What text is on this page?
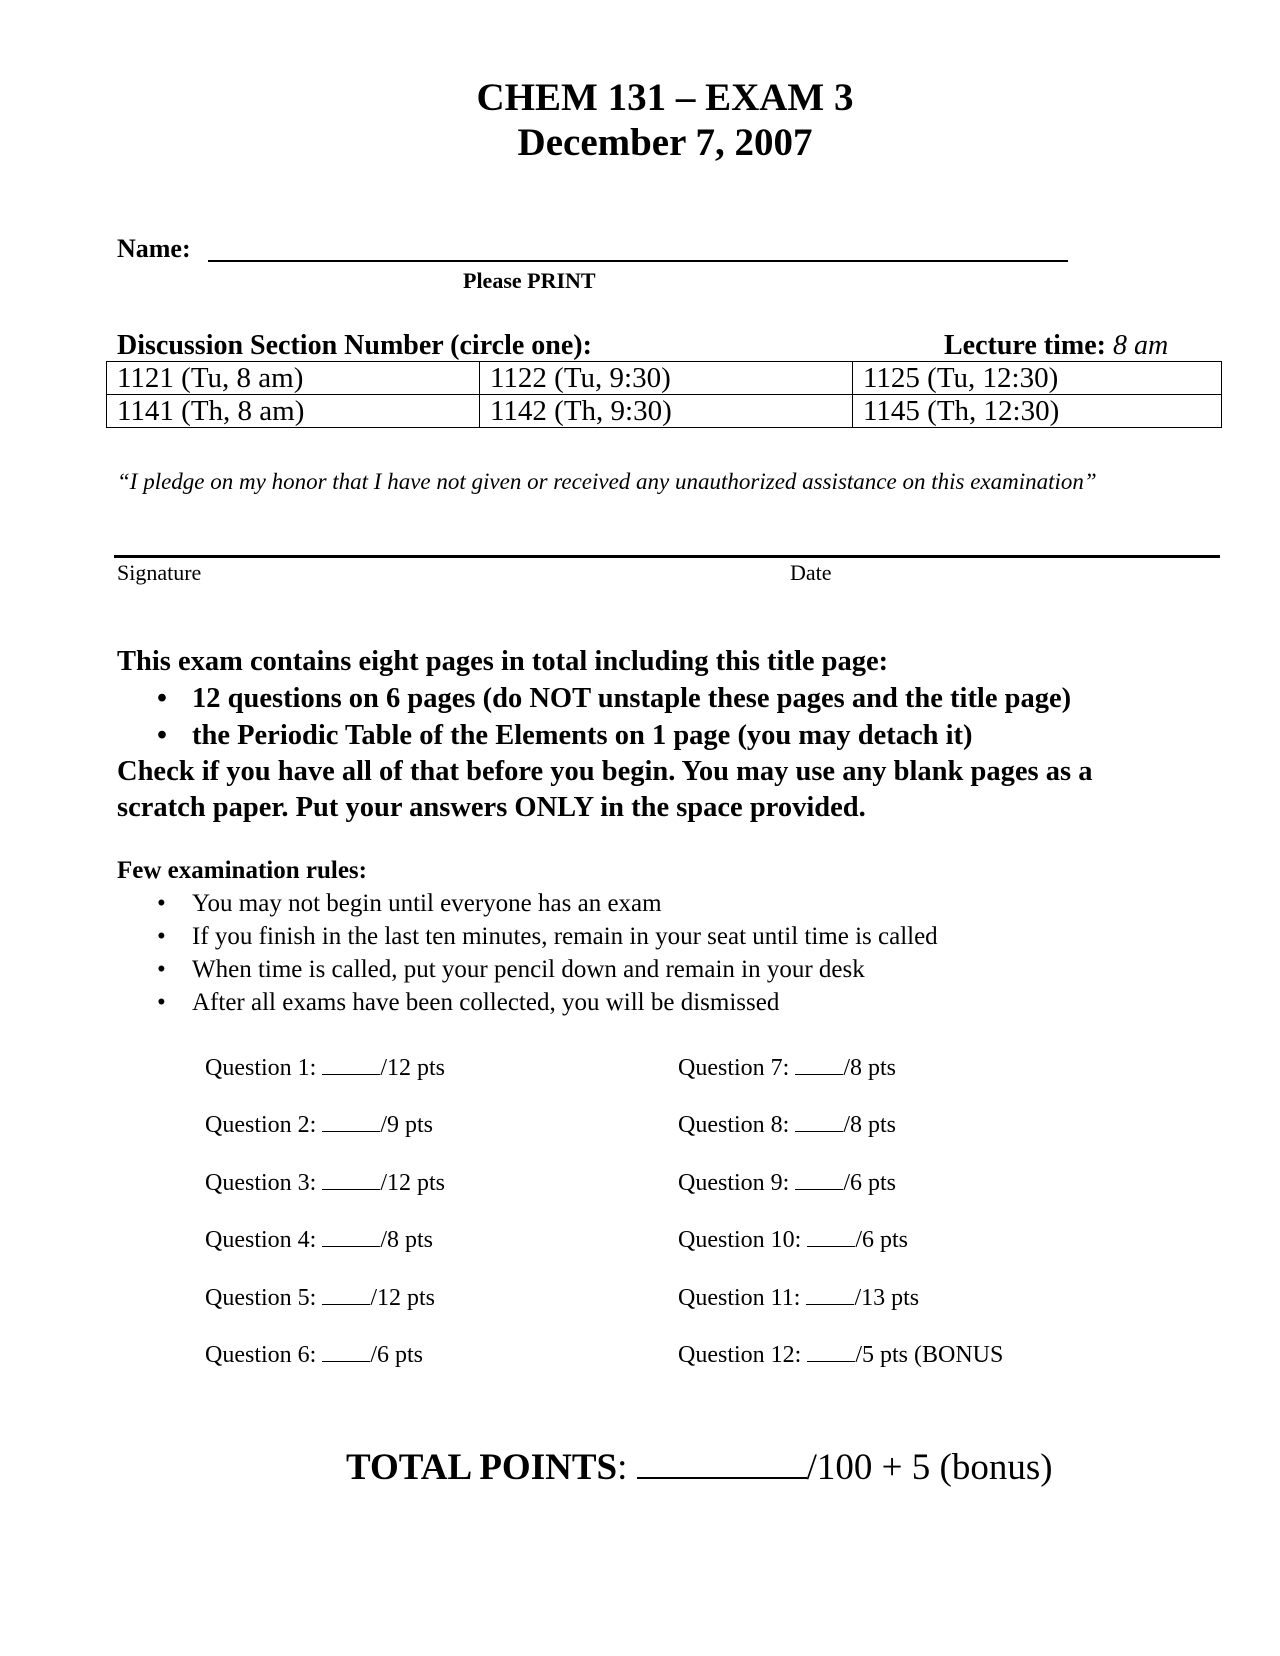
CHEM 131 – EXAM 3
December 7, 2007
Name:
Please PRINT
Discussion Section Number (circle one):	Lecture time: 8 am
1121 (Tu, 8 am)	1122 (Tu, 9:30)	1125 (Tu, 12:30)
1141 (Th, 8 am)	1142 (Th, 9:30)	1145 (Th, 12:30)
“I pledge on my honor that I have not given or received any unauthorized assistance on this examination”
Signature	Date
This exam contains eight pages in total including this title page:
• 12 questions on 6 pages (do NOT unstaple these pages and the title page)
• the Periodic Table of the Elements on 1 page (you may detach it)
Check if you have all of that before you begin. You may use any blank pages as a
scratch paper. Put your answers ONLY in the space provided.
Few examination rules:
• You may not begin until everyone has an exam
• If you finish in the last ten minutes, remain in your seat until time is called
• When time is called, put your pencil down and remain in your desk
• After all exams have been collected, you will be dismissed
Question 1:	/12 pts
Question 2:	/9 pts
Question 3:	/12 pts
Question 4:	/8 pts
Question 5: /12 pts
Question 6: /6 pts
Question 7: /8 pts
Question 8: /8 pts
Question 9: /6 pts
Question 10: /6 pts
Question 11: /13 pts
Question 12: /5 pts (BONUS
TOTAL POINTS:	/100 + 5 (bonus)
